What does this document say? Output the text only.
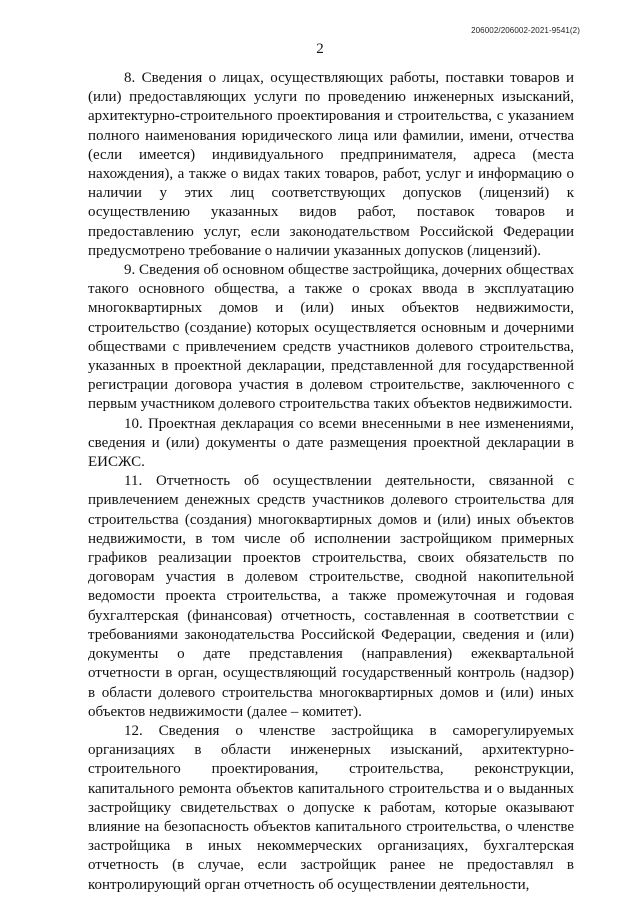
206002/206002-2021-9541(2)
2

8. Сведения о лицах, осуществляющих работы, поставки товаров и (или) предоставляющих услуги по проведению инженерных изысканий, архитектурно-строительного проектирования и строительства, с указанием полного наименования юридического лица или фамилии, имени, отчества (если имеется) индивидуального предпринимателя, адреса (места нахождения), а также о видах таких товаров, работ, услуг и информацию о наличии у этих лиц соответствующих допусков (лицензий) к осуществлению указанных видов работ, поставок товаров и предоставлению услуг, если законодательством Российской Федерации предусмотрено требование о наличии указанных допусков (лицензий).

9. Сведения об основном обществе застройщика, дочерних обществах такого основного общества, а также о сроках ввода в эксплуатацию многоквартирных домов и (или) иных объектов недвижимости, строительство (создание) которых осуществляется основным и дочерними обществами с привлечением средств участников долевого строительства, указанных в проектной декларации, представленной для государственной регистрации договора участия в долевом строительстве, заключенного с первым участником долевого строительства таких объектов недвижимости.

10. Проектная декларация со всеми внесенными в нее изменениями, сведения и (или) документы о дате размещения проектной декларации в ЕИСЖС.

11. Отчетность об осуществлении деятельности, связанной с привлечением денежных средств участников долевого строительства для строительства (создания) многоквартирных домов и (или) иных объектов недвижимости, в том числе об исполнении застройщиком примерных графиков реализации проектов строительства, своих обязательств по договорам участия в долевом строительстве, сводной накопительной ведомости проекта строительства, а также промежуточная и годовая бухгалтерская (финансовая) отчетность, составленная в соответствии с требованиями законодательства Российской Федерации, сведения и (или) документы о дате представления (направления) ежеквартальной отчетности в орган, осуществляющий государственный контроль (надзор) в области долевого строительства многоквартирных домов и (или) иных объектов недвижимости (далее – комитет).

12. Сведения о членстве застройщика в саморегулируемых организациях в области инженерных изысканий, архитектурно-строительного проектирования, строительства, реконструкции, капитального ремонта объектов капитального строительства и о выданных застройщику свидетельствах о допуске к работам, которые оказывают влияние на безопасность объектов капитального строительства, о членстве застройщика в иных некоммерческих организациях, бухгалтерская отчетность (в случае, если застройщик ранее не предоставлял в контролирующий орган отчетность об осуществлении деятельности,
